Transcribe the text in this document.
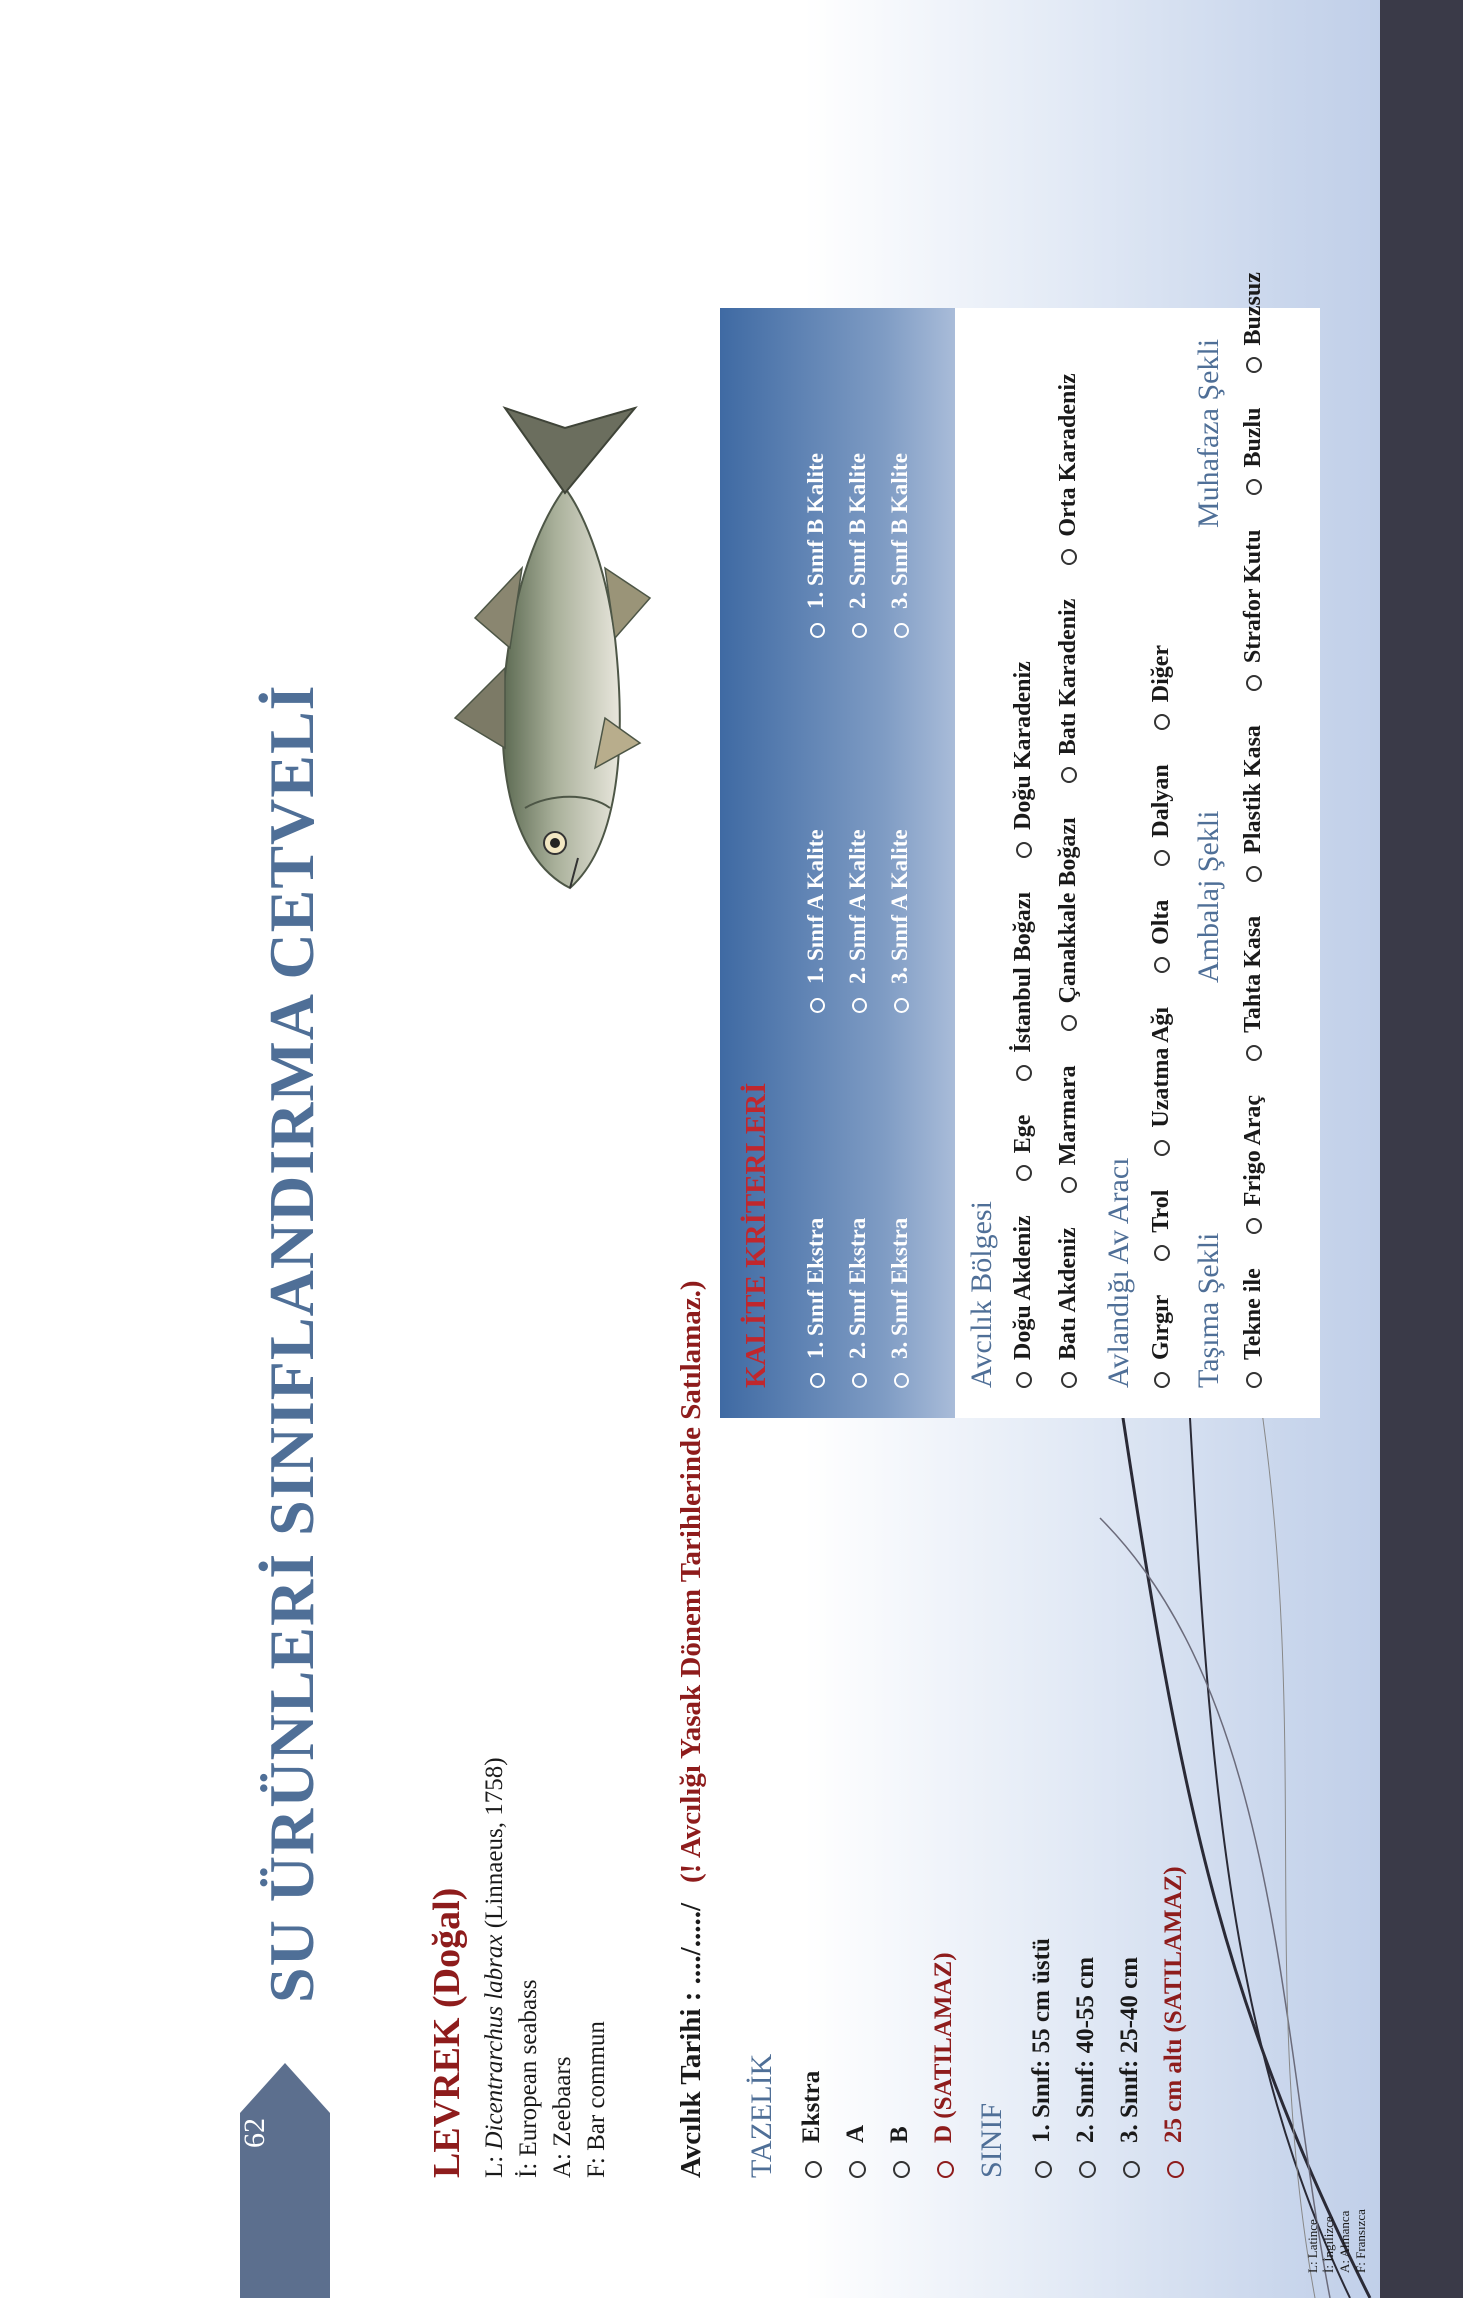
62
L: Latince İ: İngilizce A: Almanca F: Fransızca
SU ÜRÜNLERİ SINIFLANDIRMA CETVELİ
LEVREK (Doğal) L: Dicentrarchus labrax (Linnaeus, 1758)
İ: European seabass A: Zeebaars F: Bar commun Avcılık Tarihi : ..../...../(! Avcılığı Yasak Dönem Tarihlerinde Satılamaz.)
TAZELİK Ekstra A B D (SATILAMAZ) SINIF 1. Sınıf: 55 cm üstü 2. Sınıf: 40-55 cm 3. Sınıf: 25-40 cm 25 cm altı (SATILAMAZ)
KALİTE KRİTERLERİ	1. Sınıf Ekstra 2. Sınıf Ekstra 3. Sınıf Ekstra
1. Sınıf A Kalite 2. Sınıf A Kalite 3. Sınıf A Kalite
1. Sınıf B Kalite 2. Sınıf B Kalite 3. Sınıf B Kalite
Avcılık Bölgesi Doğu Akdeniz Ege İstanbul Boğazı Doğu Karadeniz
Batı Akdeniz Marmara Çanakkale Boğazı Batı Karadeniz Orta Karadeniz
Avlandığı Av Aracı Gırgır Trol Uzatma Ağı Olta Dalyan Diğer
Taşıma Şekli
Ambalaj Şekli
Muhafaza Şekli
Tekne ile Frigo Araç Tahta Kasa Plastik Kasa Strafor Kutu Buzlu Buzsuz
